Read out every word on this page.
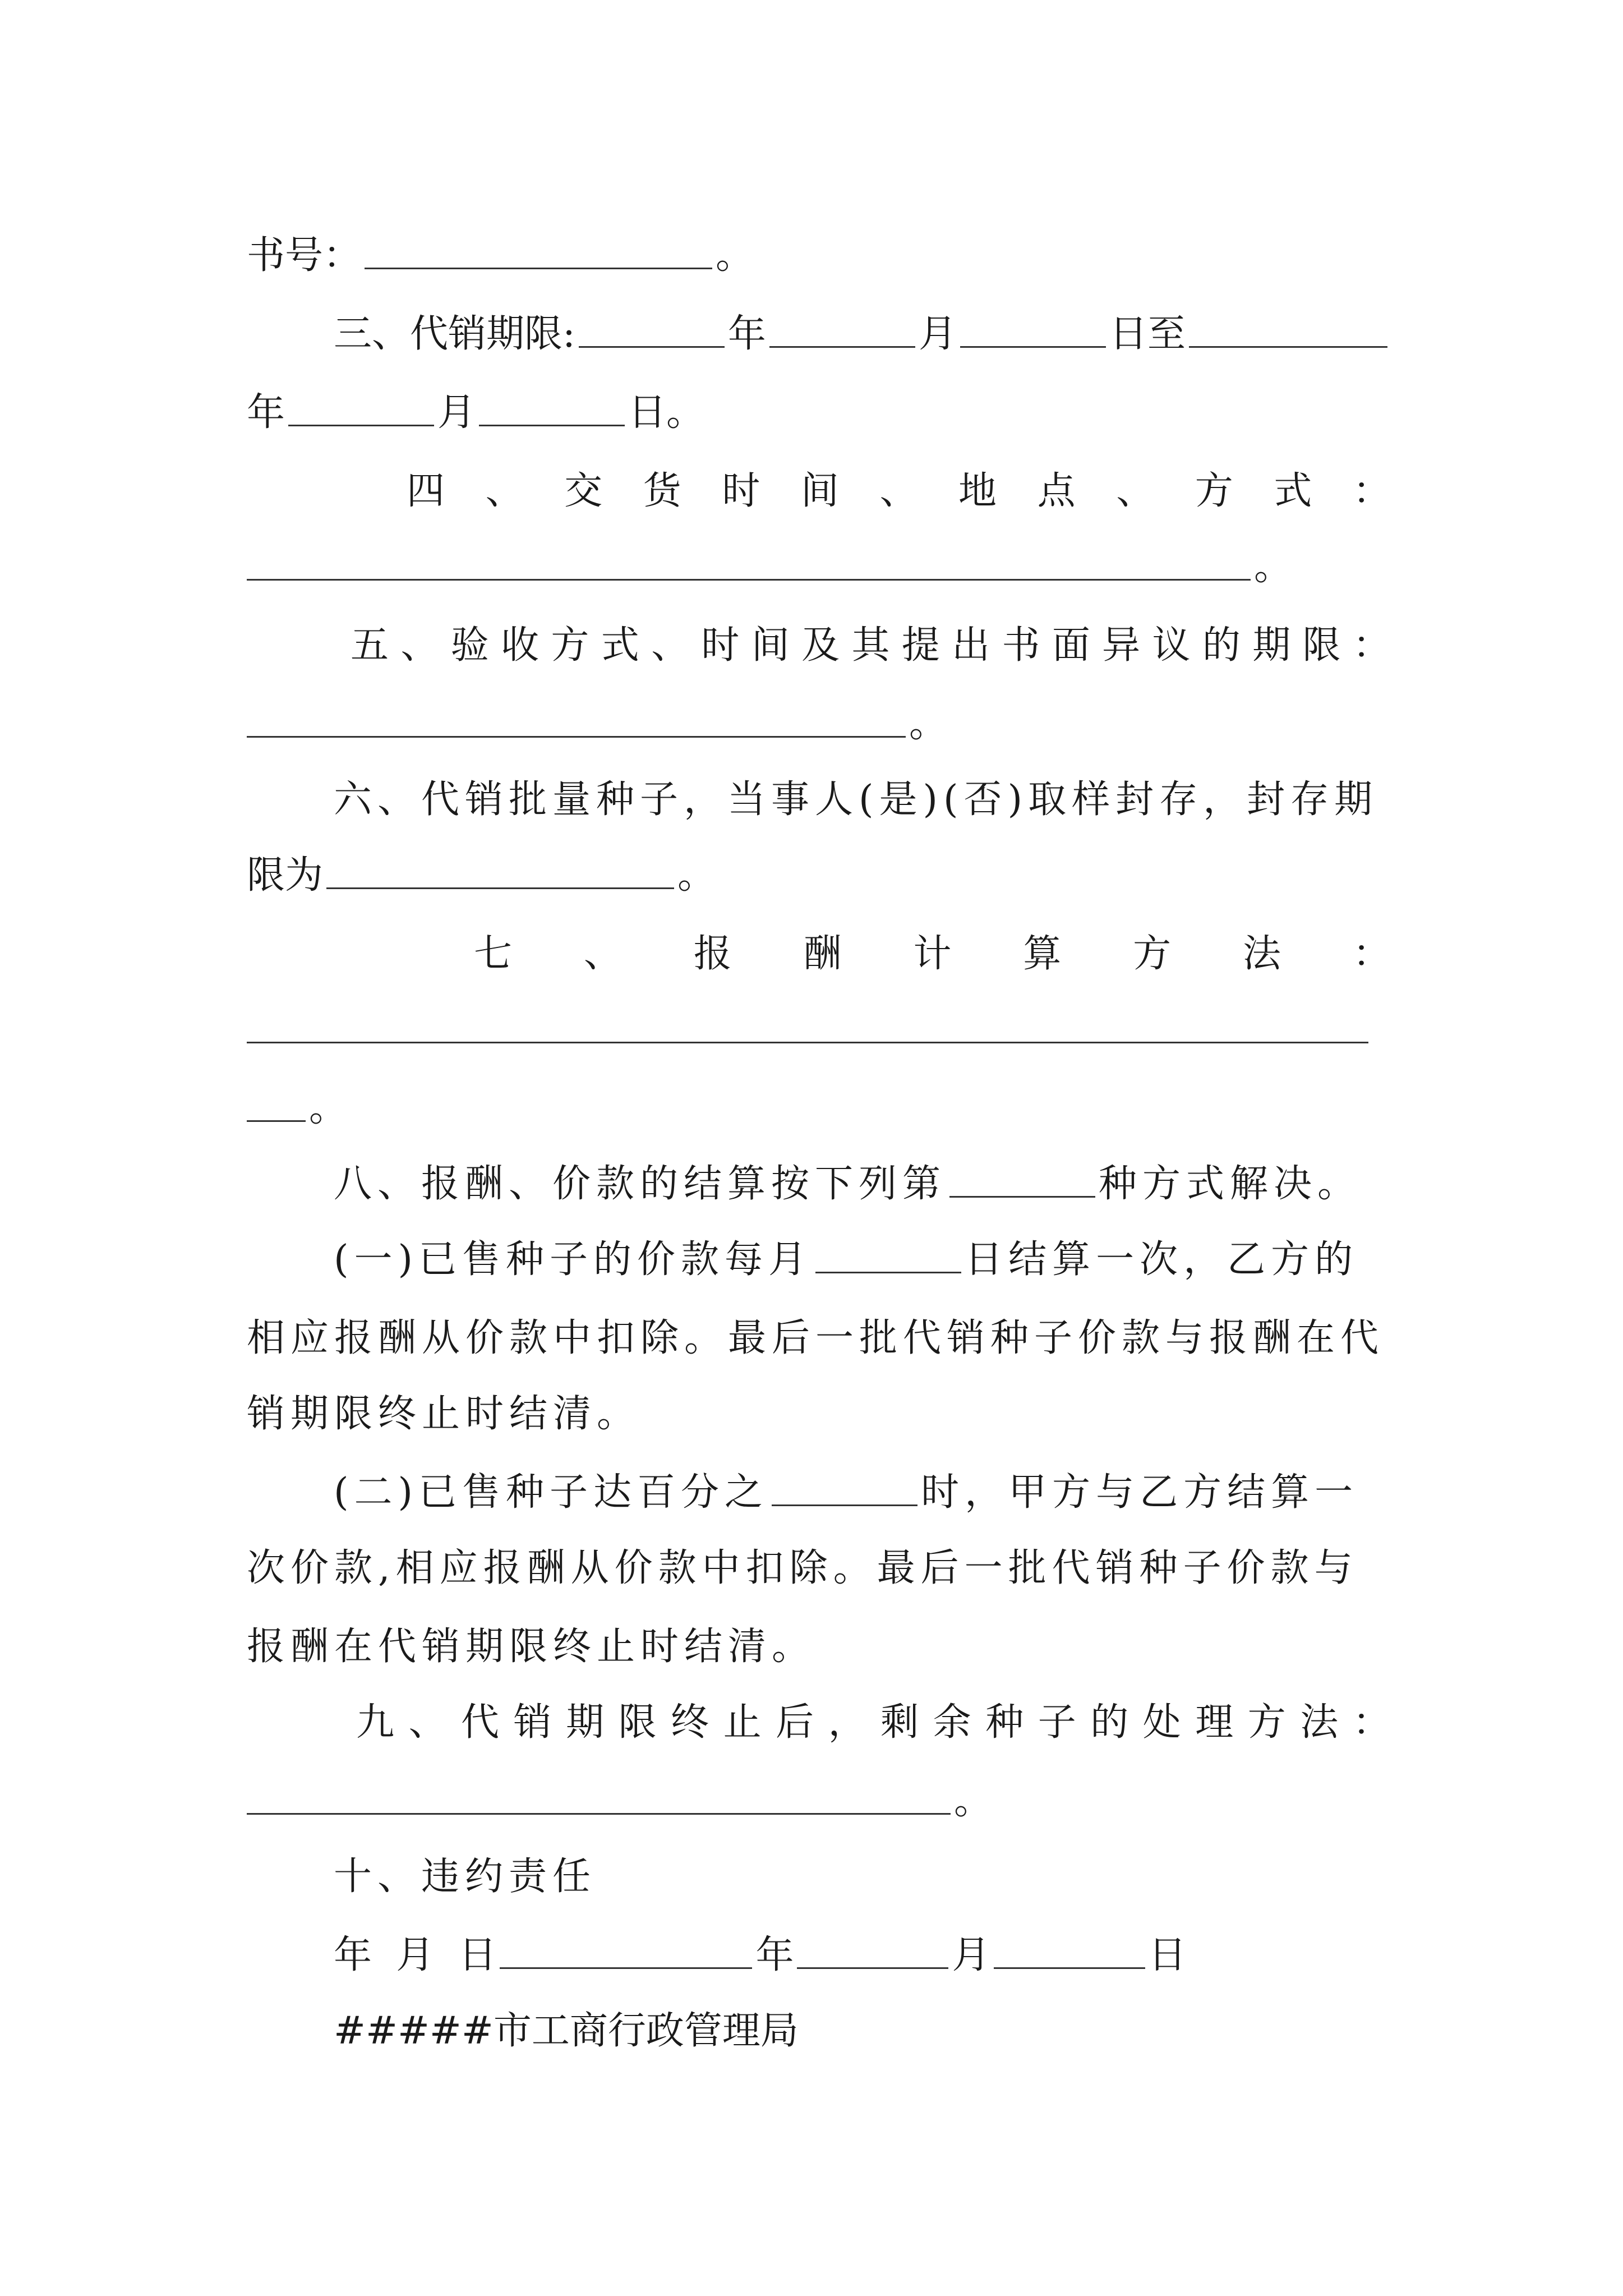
书号：	。
三、代销期限:	年	月	日至
年	月	日。
四 、 交 货 时 间 、 地 点 、 方 式 ：
。
五 、 验 收 方 式 、 时 间 及 其 提 出 书 面 异 议 的 期 限 ：
。
六、代销批量种子，当事人(是)(否)取样封存，封存期
限为	。
七 、 报 酬 计 算 方 法 ：
。
八、报酬、价款的结算按下列第	种方式解决。
(一)已售种子的价款每月	日结算一次，乙方的
相应报酬从价款中扣除。最后一批代销种子价款与报酬在代
销期限终止时结清。
(二)已售种子达百分之	时，甲方与乙方结算一
次价款,相应报酬从价款中扣除。最后一批代销种子价款与
报酬在代销期限终止时结清。
九 、 代 销 期 限 终 止 后 ， 剩 余 种 子 的 处 理 方 法 ：
。
十、违约责任
年  月  日	年	月	日
#####市工商行政管理局
